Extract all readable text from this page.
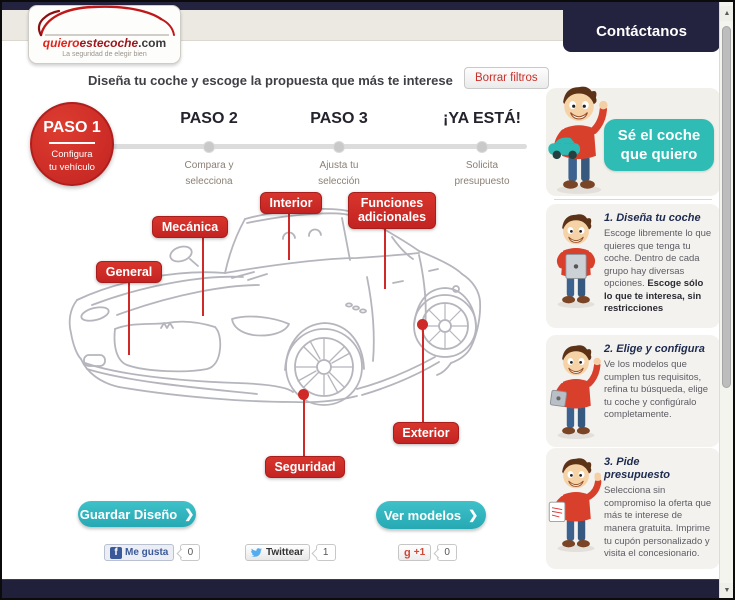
quieroestecoche.com
La seguridad de elegir bien
Contáctanos
Diseña tu coche y escoge la propuesta que más te interese	Borrar filtros
PASO 1
Configura
tu vehículo
PASO 2
Compara y
selecciona
PASO 3
Ajusta tu
selección
¡YA ESTÁ!
Solicita
presupuesto
General
Mecánica
Interior	Funciones adicionales
Exterior
Seguridad
Guardar Diseño ❯	Ver modelos ❯
f Me gusta	0	Twittear	1	g +1	0
Sé el coche
que quiero
1. Diseña tu coche
Escoge libremente lo que quieres que tenga tu coche. Dentro de cada grupo hay diversas opciones. Escoge sólo lo que te interesa, sin restricciones
2. Elige y configura
Ve los modelos que cumplen tus requisitos, refina tu búsqueda, elige tu coche y configúralo completamente.
3. Pide presupuesto
Selecciona sin compromiso la oferta que más te interese de manera gratuita. Imprime tu cupón personalizado y visita el concesionario.
▲
▼
